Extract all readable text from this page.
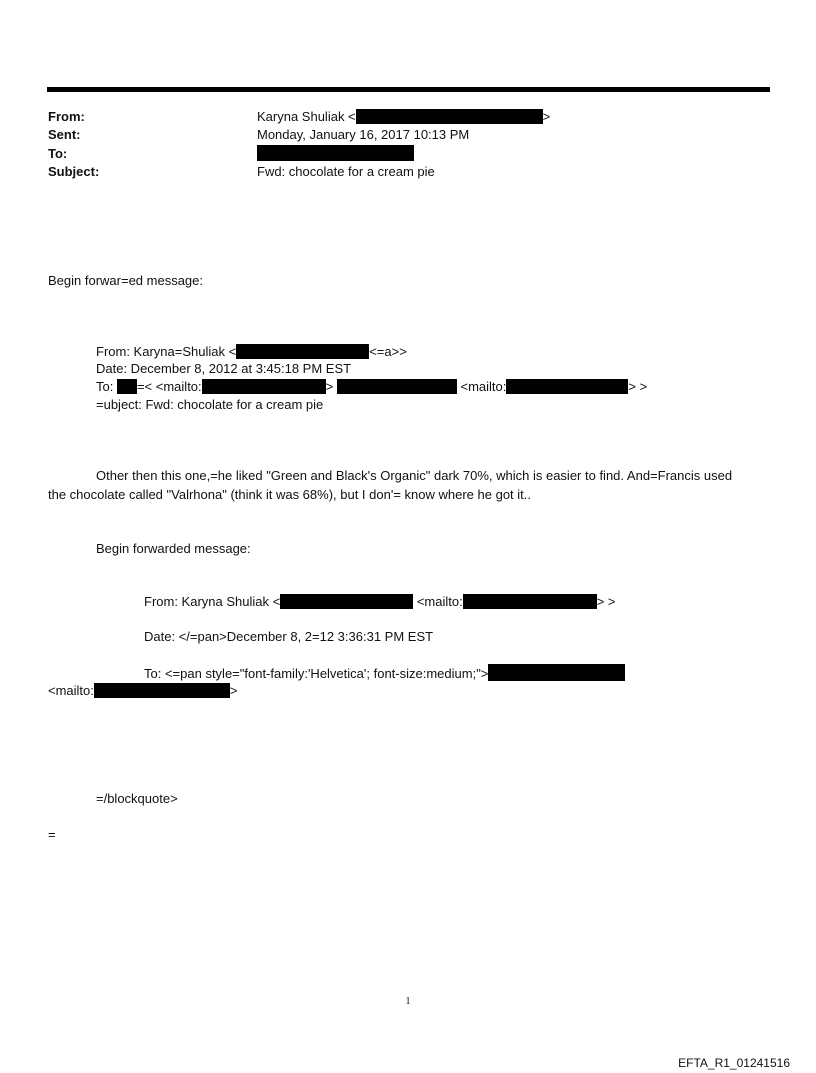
From:	Karyna Shuliak <	>
Sent:	Monday, January 16, 2017 10:13 PM
To:
Subject:	Fwd: chocolate for a cream pie
Begin forwar=ed message:
From: Karyna=Shuliak <	<=a>>
Date: December 8, 2012 at 3:45:18 PM EST
To: =< <mailto:	>	<mailto:	> >
=ubject: Fwd: chocolate for a cream pie
Other then this one,=he liked "Green and Black's Organic" dark 70%, which is easier to find. And=Francis used
the chocolate called "Valrhona" (think it was 68%), but I don'= know where he got it..
Begin forwarded message:
From: Karyna Shuliak <	<mailto:	> >
Date: </=pan>December 8, 2=12 3:36:31 PM EST
To: <=pan style="font-family:'Helvetica'; font-size:medium;">
<mailto:	>
=/blockquote>
=
1
EFTA_R1_01241516
